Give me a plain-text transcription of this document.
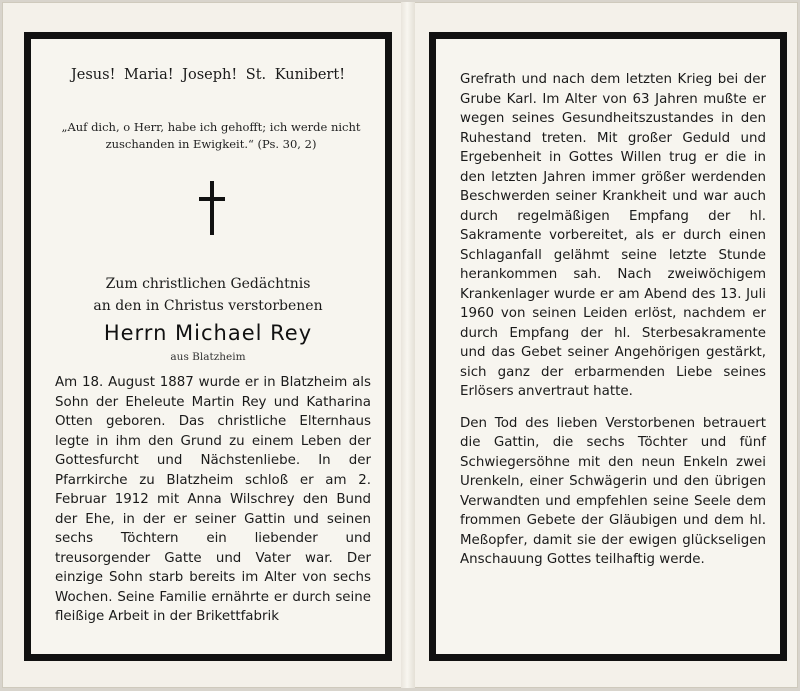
Jesus! Maria! Joseph! St. Kunibert!
„Auf dich, o Herr, habe ich gehofft; ich werde nicht zuschanden in Ewigkeit.“ (Ps. 30, 2)
Zum christlichen Gedächtnis
an den in Christus verstorbenen
Herrn Michael Rey
aus Blatzheim
Am 18. August 1887 wurde er in Blatzheim als Sohn der Eheleute Martin Rey und Katharina Otten geboren. Das christliche Elternhaus legte in ihm den Grund zu einem Leben der Gottesfurcht und Nächstenliebe. In der Pfarrkirche zu Blatzheim schloß er am 2. Februar 1912 mit Anna Wilschrey den Bund der Ehe, in der er seiner Gattin und seinen sechs Töchtern ein liebender und treusorgender Gatte und Vater war. Der einzige Sohn starb bereits im Alter von sechs Wochen. Seine Familie ernährte er durch seine fleißige Arbeit in der Brikettfabrik

Grefrath und nach dem letzten Krieg bei der Grube Karl. Im Alter von 63 Jahren mußte er wegen seines Gesundheitszustandes in den Ruhestand treten. Mit großer Geduld und Ergebenheit in Gottes Willen trug er die in den letzten Jahren immer größer werdenden Beschwerden seiner Krankheit und war auch durch regelmäßigen Empfang der hl. Sakramente vorbereitet, als er durch einen Schlaganfall gelähmt seine letzte Stunde herankommen sah. Nach zweiwöchigem Krankenlager wurde er am Abend des 13. Juli 1960 von seinen Leiden erlöst, nachdem er durch Empfang der hl. Sterbesakramente und das Gebet seiner Angehörigen gestärkt, sich ganz der erbarmenden Liebe seines Erlösers anvertraut hatte.

Den Tod des lieben Verstorbenen betrauert die Gattin, die sechs Töchter und fünf Schwiegersöhne mit den neun Enkeln zwei Urenkeln, einer Schwägerin und den übrigen Verwandten und empfehlen seine Seele dem frommen Gebete der Gläubigen und dem hl. Meßopfer, damit sie der ewigen glückseligen Anschauung Gottes teilhaftig werde.
